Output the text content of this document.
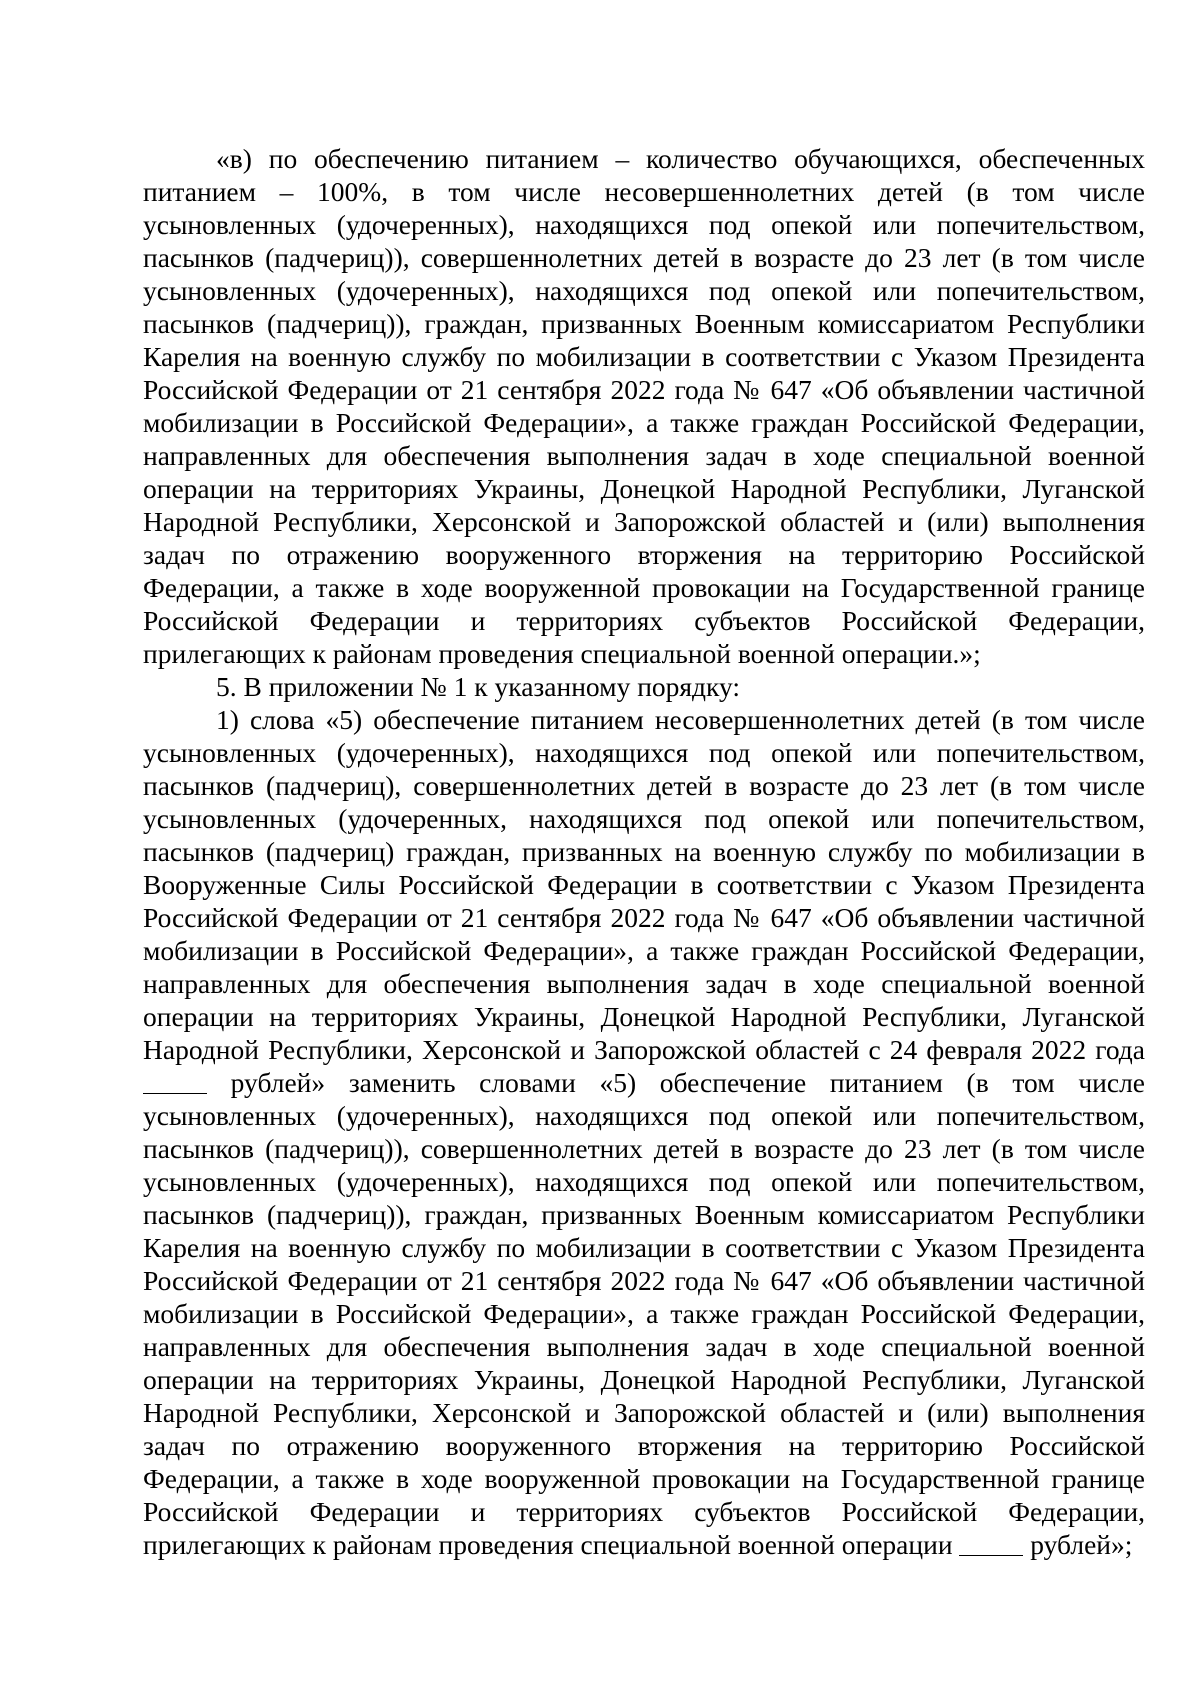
«в) по обеспечению питанием – количество обучающихся, обеспеченных питанием – 100%, в том числе несовершеннолетних детей (в том числе усыновленных (удочеренных), находящихся под опекой или попечительством, пасынков (падчериц)), совершеннолетних детей в возрасте до 23 лет (в том числе усыновленных (удочеренных), находящихся под опекой или попечительством, пасынков (падчериц)), граждан, призванных Военным комиссариатом Республики Карелия на военную службу по мобилизации в соответствии с Указом Президента Российской Федерации от 21 сентября 2022 года № 647 «Об объявлении частичной мобилизации в Российской Федерации», а также граждан Российской Федерации, направленных для обеспечения выполнения задач в ходе специальной военной операции на территориях Украины, Донецкой Народной Республики, Луганской Народной Республики, Херсонской и Запорожской областей и (или) выполнения задач по отражению вооруженного вторжения на территорию Российской Федерации, а также в ходе вооруженной провокации на Государственной границе Российской Федерации и территориях субъектов Российской Федерации, прилегающих к районам проведения специальной военной операции.»;

5. В приложении № 1 к указанному порядку:

1) слова «5) обеспечение питанием несовершеннолетних детей (в том числе усыновленных (удочеренных), находящихся под опекой или попечительством, пасынков (падчериц), совершеннолетних детей в возрасте до 23 лет (в том числе усыновленных (удочеренных, находящихся под опекой или попечительством, пасынков (падчериц) граждан, призванных на военную службу по мобилизации в Вооруженные Силы Российской Федерации в соответствии с Указом Президента Российской Федерации от 21 сентября 2022 года № 647 «Об объявлении частичной мобилизации в Российской Федерации», а также граждан Российской Федерации, направленных для обеспечения выполнения задач в ходе специальной военной операции на территориях Украины, Донецкой Народной Республики, Луганской Народной Республики, Херсонской и Запорожской областей с 24 февраля 2022 года  рублей» заменить словами «5) обеспечение питанием (в том числе усыновленных (удочеренных), находящихся под опекой или попечительством, пасынков (падчериц)), совершеннолетних детей в возрасте до 23 лет (в том числе усыновленных (удочеренных), находящихся под опекой или попечительством, пасынков (падчериц)), граждан, призванных Военным комиссариатом Республики Карелия на военную службу по мобилизации в соответствии с Указом Президента Российской Федерации от 21 сентября 2022 года № 647 «Об объявлении частичной мобилизации в Российской Федерации», а также граждан Российской Федерации, направленных для обеспечения выполнения задач в ходе специальной военной операции на территориях Украины, Донецкой Народной Республики, Луганской Народной Республики, Херсонской и Запорожской областей и (или) выполнения задач по отражению вооруженного вторжения на территорию Российской Федерации, а также в ходе вооруженной провокации на Государственной границе Российской Федерации и территориях субъектов Российской Федерации, прилегающих к районам проведения специальной военной операции	рублей»;
